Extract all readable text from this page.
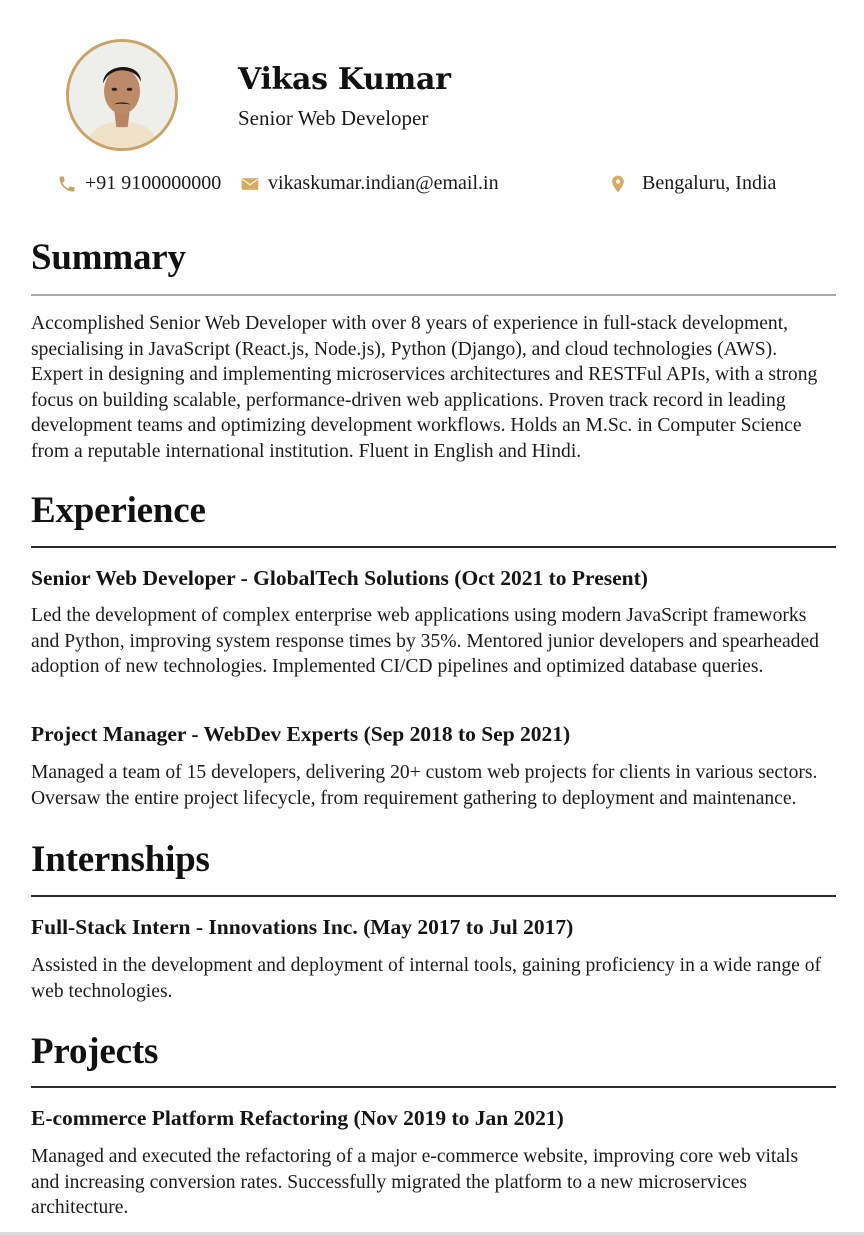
Vikas Kumar
Senior Web Developer
+91 9100000000 vikaskumar.indian@email.in	Bengaluru, India
Summary
Accomplished Senior Web Developer with over 8 years of experience in full-stack development, specialising in JavaScript (React.js, Node.js), Python (Django), and cloud technologies (AWS). Expert in designing and implementing microservices architectures and RESTFul APIs, with a strong focus on building scalable, performance-driven web applications. Proven track record in leading development teams and optimizing development workflows. Holds an M.Sc. in Computer Science from a reputable international institution. Fluent in English and Hindi.
Experience
Senior Web Developer - GlobalTech Solutions (Oct 2021 to Present)
Led the development of complex enterprise web applications using modern JavaScript frameworks and Python, improving system response times by 35%. Mentored junior developers and spearheaded adoption of new technologies. Implemented CI/CD pipelines and optimized database queries.
Project Manager - WebDev Experts (Sep 2018 to Sep 2021)
Managed a team of 15 developers, delivering 20+ custom web projects for clients in various sectors. Oversaw the entire project lifecycle, from requirement gathering to deployment and maintenance.
Internships
Full-Stack Intern - Innovations Inc. (May 2017 to Jul 2017)
Assisted in the development and deployment of internal tools, gaining proficiency in a wide range of web technologies.
Projects
E-commerce Platform Refactoring (Nov 2019 to Jan 2021)
Managed and executed the refactoring of a major e-commerce website, improving core web vitals and increasing conversion rates. Successfully migrated the platform to a new microservices architecture.
